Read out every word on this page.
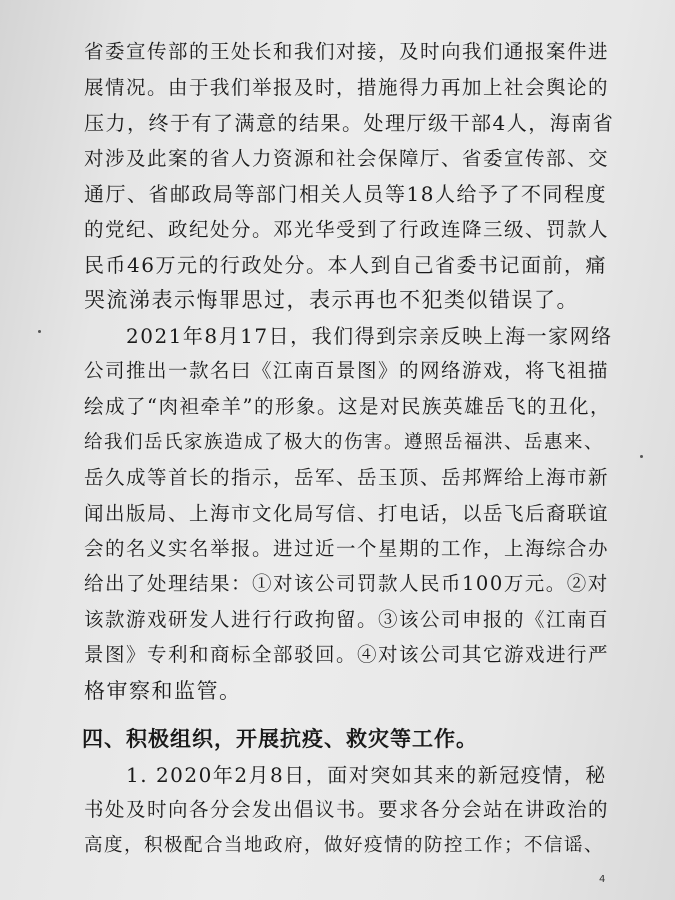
省委宣传部的王处长和我们对接，及时向我们通报案件进
展情况。由于我们举报及时，措施得力再加上社会舆论的
压力，终于有了满意的结果。处理厅级干部4人，海南省
对涉及此案的省人力资源和社会保障厅、省委宣传部、交
通厅、省邮政局等部门相关人员等18人给予了不同程度
的党纪、政纪处分。邓光华受到了行政连降三级、罚款人
民币46万元的行政处分。本人到自己省委书记面前，痛
哭流涕表示悔罪思过，表示再也不犯类似错误了。
2021年8月17日，我们得到宗亲反映上海一家网络
公司推出一款名曰《江南百景图》的网络游戏，将飞祖描
绘成了“肉袒牵羊”的形象。这是对民族英雄岳飞的丑化，
给我们岳氏家族造成了极大的伤害。遵照岳福洪、岳惠来、
岳久成等首长的指示，岳军、岳玉顶、岳邦辉给上海市新
闻出版局、上海市文化局写信、打电话，以岳飞后裔联谊
会的名义实名举报。进过近一个星期的工作，上海综合办
给出了处理结果：①对该公司罚款人民币100万元。②对
该款游戏研发人进行行政拘留。③该公司申报的《江南百
景图》专利和商标全部驳回。④对该公司其它游戏进行严
格审察和监管。
四、积极组织，开展抗疫、救灾等工作。
1. 2020年2月8日，面对突如其来的新冠疫情，秘
书处及时向各分会发出倡议书。要求各分会站在讲政治的
高度，积极配合当地政府，做好疫情的防控工作；不信谣、
4
